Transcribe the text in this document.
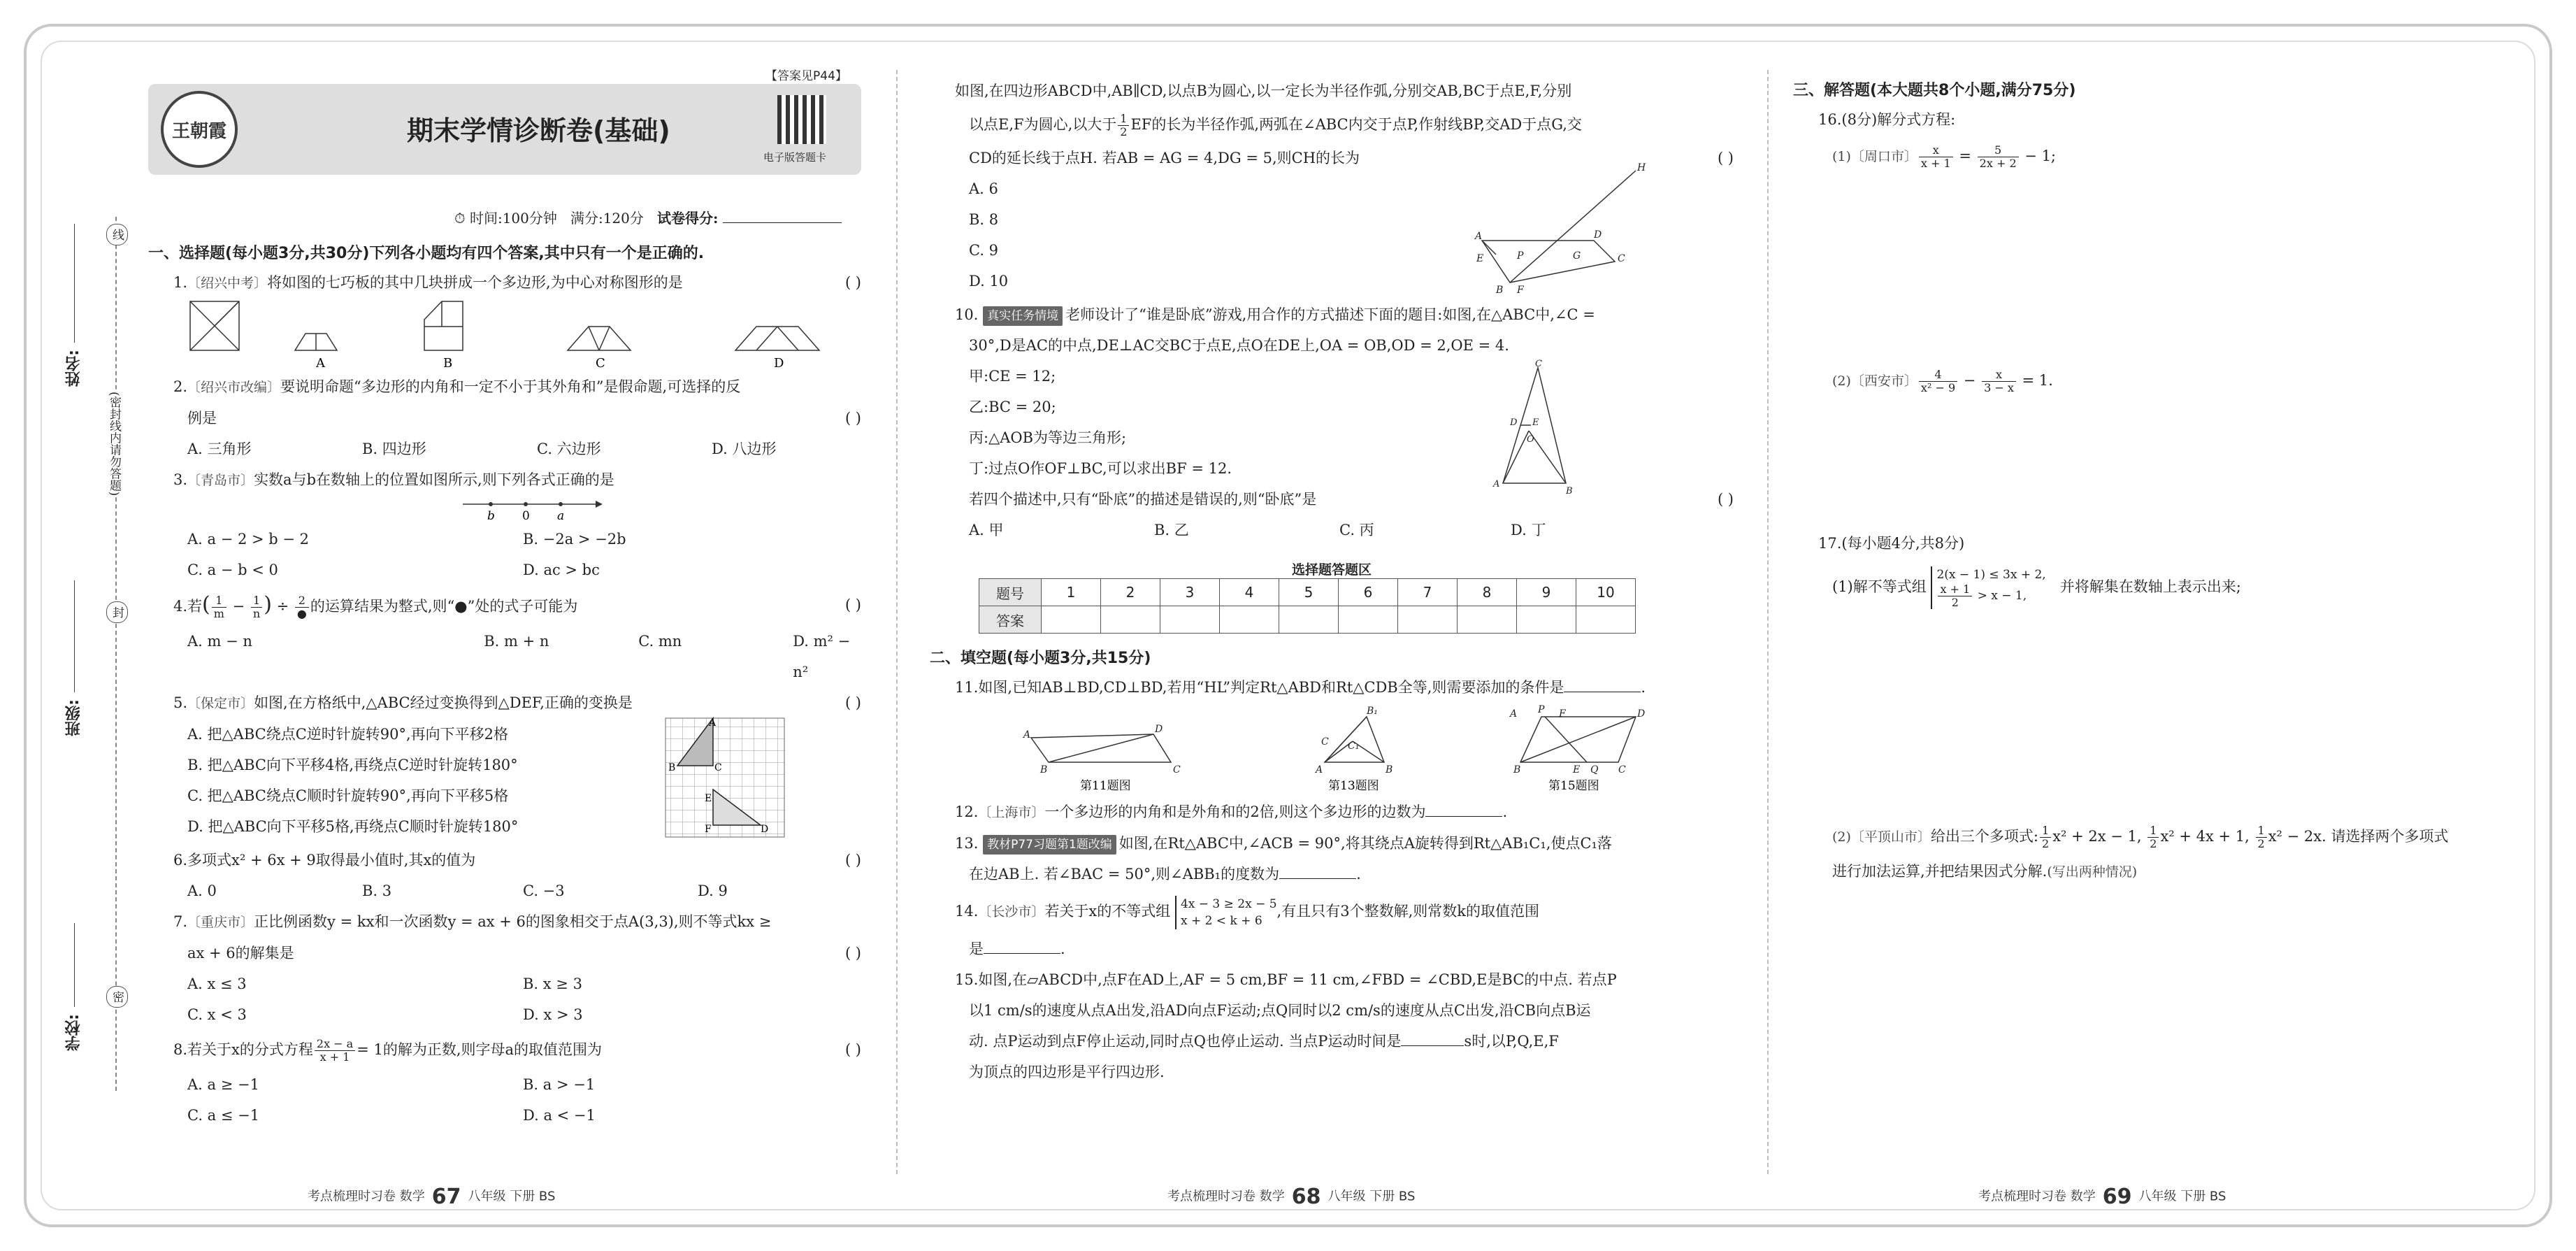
线
封
密
(密封线内请勿答题)
姓名:
班级:
学校:
王朝霞	期末学情诊断卷(基础)
电子版答题卡
【答案见P44】
⏱ 时间:100分钟 满分:120分 试卷得分:
一、选择题(每小题3分,共30分)下列各小题均有四个答案,其中只有一个是正确的.
1.〔绍兴中考〕将如图的七巧板的其中几块拼成一个多边形,为中心对称图形的是	( )
A	B	C	D
2.〔绍兴市改编〕要说明命题“多边形的内角和一定不小于其外角和”是假命题,可选择的反
例是	( )
A. 三角形	B. 四边形	C. 六边形	D. 八边形
3.〔青岛市〕实数a与b在数轴上的位置如图所示,则下列各式正确的是
b 0 a
A. a − 2 > b − 2	B. −2a > −2b
C. a − b < 0	D. ac > bc
4.若( $\frac{1}{m} - \frac{1}{n}$ ) ÷ $\frac{2}{●}$ 的运算结果为整式,则“●”处的式子可能为	( )
A. m − n	B. m + n	C. mn	D. m² − n²
5.〔保定市〕如图,在方格纸中,△ABC经过变换得到△DEF,正确的变换是	( )
A. 把△ABC绕点C逆时针旋转90°,再向下平移2格
B. 把△ABC向下平移4格,再绕点C逆时针旋转180°
C. 把△ABC绕点C顺时针旋转90°,再向下平移5格
D. 把△ABC向下平移5格,再绕点C顺时针旋转180°
B	C
A
E
F	D
6.多项式x² + 6x + 9取得最小值时,其x的值为	( )
A. 0	B. 3	C. −3	D. 9
7.〔重庆市〕正比例函数y = kx和一次函数y = ax + 6的图象相交于点A(3,3),则不等式kx ≥
ax + 6的解集是	( )
A. x ≤ 3	B. x ≥ 3
C. x < 3	D. x > 3
8.若关于x的分式方程 $\frac{2x - a}{x + 1} = 1$的解为正数,则字母a的取值范围为	( )
A. a ≥ −1	B. a > −1
C. a ≤ −1	D. a < −1
如图,在四边形ABCD中,AB∥CD,以点B为圆心,以一定长为半径作弧,分别交AB,BC于点E,F,分别
以点E,F为圆心,以大于 $\frac{1}{2}$ EF的长为半径作弧,两弧在∠ABC内交于点P,作射线BP,交AD于点G,交
CD的延长线于点H. 若AB = AG = 4,DG = 5,则CH的长为	( )
A. 6
B. 8
C. 9
D. 10
A
B
C
D
E
F
G
H
P
10. 真实任务情境 老师设计了“谁是卧底”游戏,用合作的方式描述下面的题目:如图,在△ABC中,∠C =
30°,D是AC的中点,DE⊥AC交BC于点E,点O在DE上,OA = OB,OD = 2,OE = 4.
甲:CE = 12;
乙:BC = 20;
丙:△AOB为等边三角形;
丁:过点O作OF⊥BC,可以求出BF = 12.
若四个描述中,只有“卧底”的描述是错误的,则“卧底”是	( )
C
D E
O
A
B
A. 甲	B. 乙	C. 丙	D. 丁
选择题答题区
题号	1	2	3	4	5	6	7	8	9	10
答案										
二、填空题(每小题3分,共15分)
11.如图,已知AB⊥BD,CD⊥BD,若用“HL”判定Rt△ABD和Rt△CDB全等,则需要添加的条件是	.
A
B	C
D
A
B₁
B
C₁
C
A P F	D
B	E Q C
第11题图	第13题图	第15题图
12.〔上海市〕一个多边形的内角和是外角和的2倍,则这个多边形的边数为	.
13. 教材P77习题第1题改编 如图,在Rt△ABC中,∠ACB = 90°,将其绕点A旋转得到Rt△AB₁C₁,使点C₁落
在边AB上. 若∠BAC = 50°,则∠ABB₁的度数为	.
14.〔长沙市〕若关于x的不等式组 4x − 3 ≥ 2x − 5
x + 2 < k + 6
,有且只有3个整数解,则常数k的取值范围
是	.
15.如图,在▱ABCD中,点F在AD上,AF = 5 cm,BF = 11 cm,∠FBD = ∠CBD,E是BC的中点. 若点P
以1 cm/s的速度从点A出发,沿AD向点F运动;点Q同时以2 cm/s的速度从点C出发,沿CB向点B运
动. 点P运动到点F停止运动,同时点Q也停止运动. 当点P运动时间是	s时,以P,Q,E,F
为顶点的四边形是平行四边形.
三、解答题(本大题共8个小题,满分75分)
16.(8分)解分式方程:
(1)〔周口市〕 $\frac{x}{x + 1} = \frac{5}{2x + 2} - 1$;
(2)〔西安市〕 $\frac{4}{\text{x² − 9}} - \frac{x}{3 - x} = 1$.
17.(每小题4分,共8分)
(1)解不等式组
2(x − 1) ≤ 3x + 2,
$\frac{x + 1}{2} > x - 1$,
并将解集在数轴上表示出来;
(2)〔平顶山市〕给出三个多项式: $\frac{1}{2} x^2 + 2x - 1$, $\frac{1}{2} x^2 + 4x + 1$, $\frac{1}{2} x^2 - 2x$. 请选择两个多项式
进行加法运算,并把结果因式分解.(写出两种情况)
考点梳理时习卷 数学 67 八年级 下册 BS	考点梳理时习卷 数学 68 八年级 下册 BS	考点梳理时习卷 数学 69 八年级 下册 BS
